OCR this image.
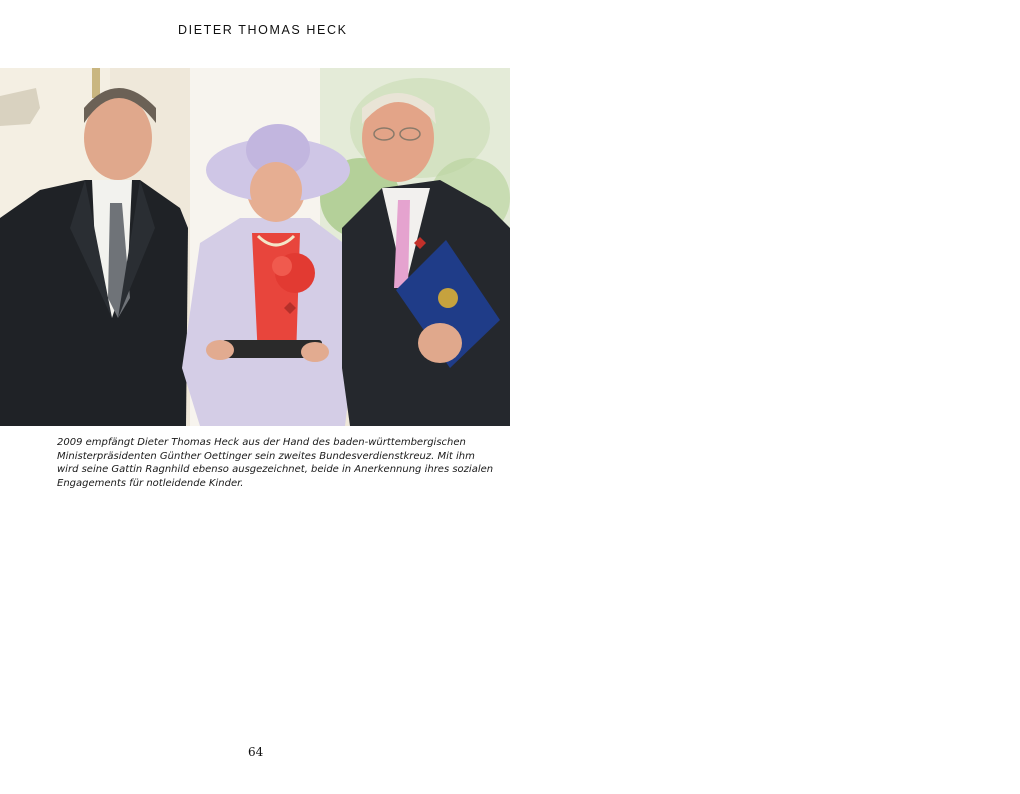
DIETER THOMAS HECK
2009 empfängt Dieter Thomas Heck aus der Hand des baden-württembergischen
Ministerpräsidenten Günther Oettinger sein zweites Bundesverdienstkreuz. Mit ihm
wird seine Gattin Ragnhild ebenso ausgezeichnet, beide in Anerkennung ihres sozialen
Engagements für notleidende Kinder.
64
